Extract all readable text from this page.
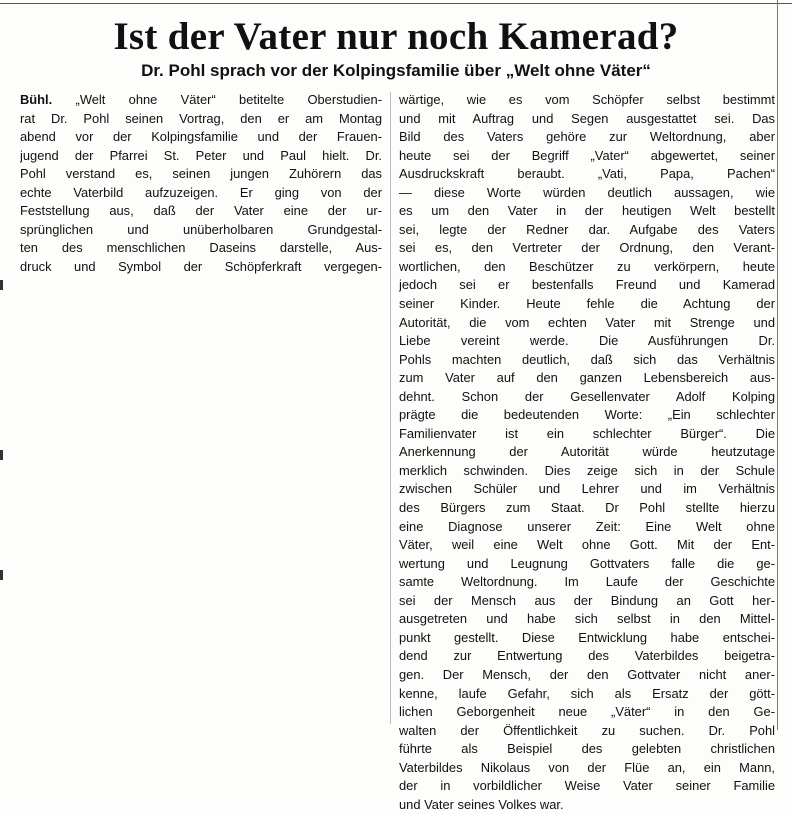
Ist der Vater nur noch Kamerad?
Dr. Pohl sprach vor der Kolpingsfamilie über „Welt ohne Väter“
Bühl. „Welt ohne Väter“ betitelte Oberstudien-
rat Dr. Pohl seinen Vortrag, den er am Montag
abend vor der Kolpingsfamilie und der Frauen-
jugend der Pfarrei St. Peter und Paul hielt. Dr.
Pohl verstand es, seinen jungen Zuhörern das
echte Vaterbild aufzuzeigen. Er ging von der
Feststellung aus, daß der Vater eine der ur-
sprünglichen und unüberholbaren Grundgestal-
ten des menschlichen Daseins darstelle, Aus-
druck und Symbol der Schöpferkraft vergegen-
wärtige, wie es vom Schöpfer selbst bestimmt
und mit Auftrag und Segen ausgestattet sei. Das
Bild des Vaters gehöre zur Weltordnung, aber
heute sei der Begriff „Vater“ abgewertet, seiner
Ausdruckskraft beraubt. „Vati, Papa, Pachen“
— diese Worte würden deutlich aussagen, wie
es um den Vater in der heutigen Welt bestellt
sei, legte der Redner dar. Aufgabe des Vaters
sei es, den Vertreter der Ordnung, den Verant-
wortlichen, den Beschützer zu verkörpern, heute
jedoch sei er bestenfalls Freund und Kamerad
seiner Kinder. Heute fehle die Achtung der
Autorität, die vom echten Vater mit Strenge und
Liebe vereint werde. Die Ausführungen Dr.
Pohls machten deutlich, daß sich das Verhältnis
zum Vater auf den ganzen Lebensbereich aus-
dehnt. Schon der Gesellenvater Adolf Kolping
prägte die bedeutenden Worte: „Ein schlechter
Familienvater ist ein schlechter Bürger“. Die
Anerkennung der Autorität würde heutzutage
merklich schwinden. Dies zeige sich in der Schule
zwischen Schüler und Lehrer und im Verhältnis
des Bürgers zum Staat. Dr Pohl stellte hierzu
eine Diagnose unserer Zeit: Eine Welt ohne
Väter, weil eine Welt ohne Gott. Mit der Ent-
wertung und Leugnung Gottvaters falle die ge-
samte Weltordnung. Im Laufe der Geschichte
sei der Mensch aus der Bindung an Gott her-
ausgetreten und habe sich selbst in den Mittel-
punkt gestellt. Diese Entwicklung habe entschei-
dend zur Entwertung des Vaterbildes beigetra-
gen. Der Mensch, der den Gottvater nicht aner-
kenne, laufe Gefahr, sich als Ersatz der gött-
lichen Geborgenheit neue „Väter“ in den Ge-
walten der Öffentlichkeit zu suchen. Dr. Pohl
führte als Beispiel des gelebten christlichen
Vaterbildes Nikolaus von der Flüe an, ein Mann,
der in vorbildlicher Weise Vater seiner Familie
und Vater seines Volkes war.
